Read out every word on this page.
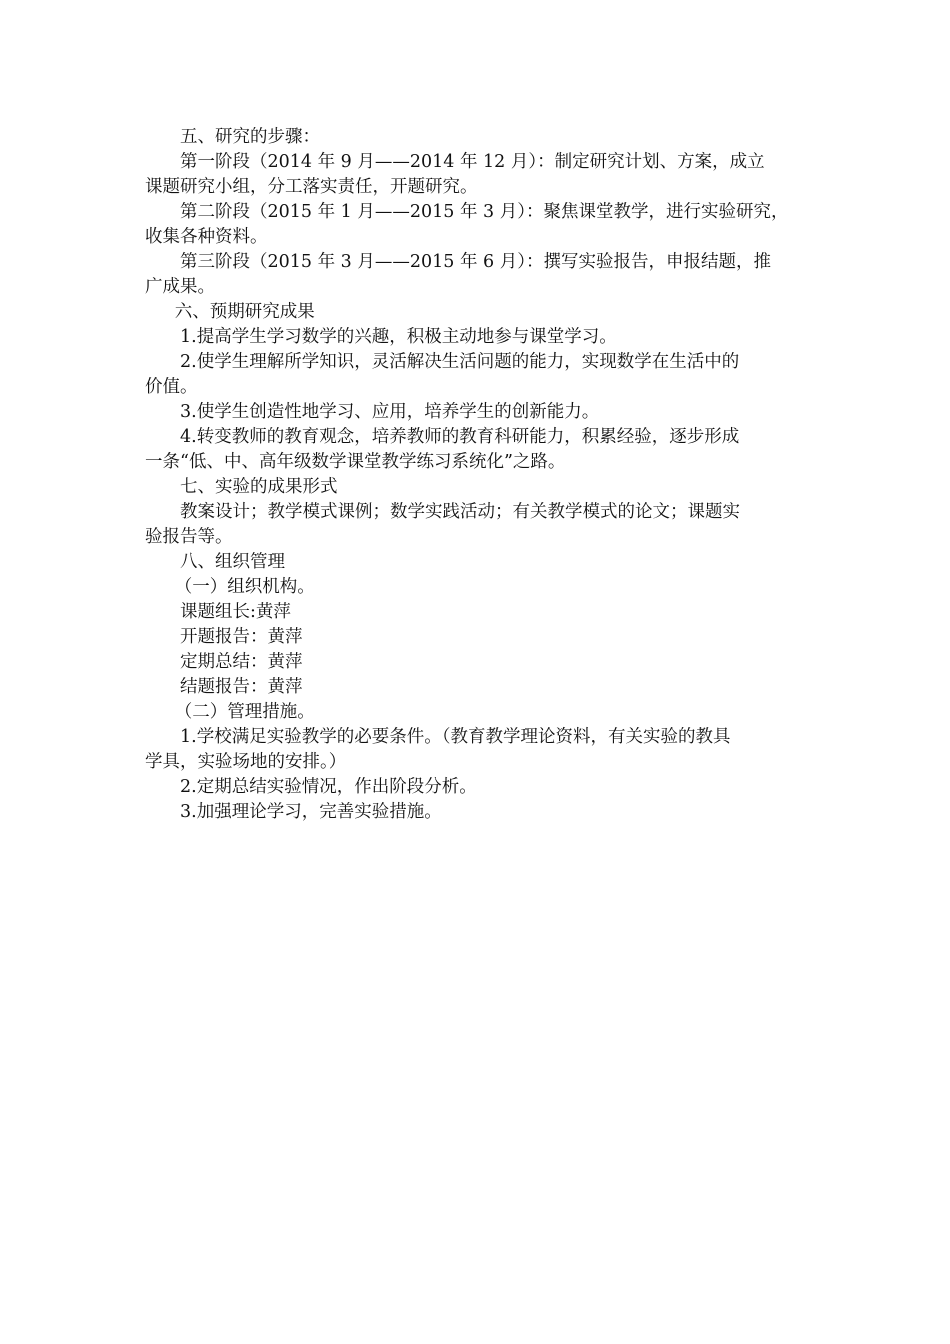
五、研究的步骤：
第一阶段（2014 年 9 月——2014 年 12 月）：制定研究计划、方案，成立
课题研究小组，分工落实责任，开题研究。
第二阶段（2015 年 1 月——2015 年 3 月）：聚焦课堂教学，进行实验研究，
收集各种资料。
第三阶段（2015 年 3 月——2015 年 6 月）：撰写实验报告，申报结题，推
广成果。
六、预期研究成果
1.提高学生学习数学的兴趣，积极主动地参与课堂学习。
2.使学生理解所学知识，灵活解决生活问题的能力，实现数学在生活中的
价值。
3.使学生创造性地学习、应用，培养学生的创新能力。
4.转变教师的教育观念，培养教师的教育科研能力，积累经验，逐步形成
一条“低、中、高年级数学课堂教学练习系统化”之路。
七、实验的成果形式
教案设计；教学模式课例；数学实践活动；有关教学模式的论文；课题实
验报告等。
八、组织管理
（一）组织机构。
课题组长:黄萍
开题报告：黄萍
定期总结：黄萍
结题报告：黄萍
（二）管理措施。
1.学校满足实验教学的必要条件。（教育教学理论资料，有关实验的教具
学具，实验场地的安排。）
2.定期总结实验情况，作出阶段分析。
3.加强理论学习，完善实验措施。
